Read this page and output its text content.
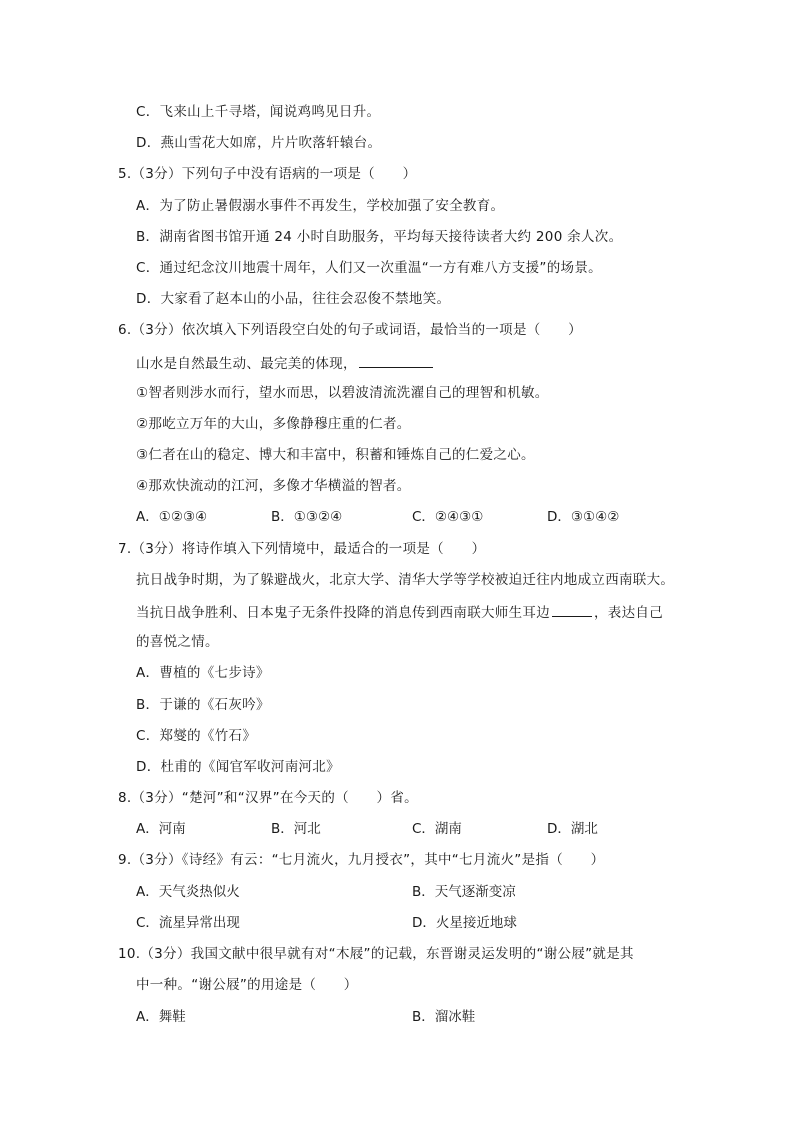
C．飞来山上千寻塔，闻说鸡鸣见日升。
D．燕山雪花大如席，片片吹落轩辕台。
5.（3分）下列句子中没有语病的一项是（　　）
A．为了防止暑假溺水事件不再发生，学校加强了安全教育。
B．湖南省图书馆开通 24 小时自助服务，平均每天接待读者大约 200 余人次。
C．通过纪念汶川地震十周年，人们又一次重温“一方有难八方支援”的场景。
D．大家看了赵本山的小品，往往会忍俊不禁地笑。
6.（3分）依次填入下列语段空白处的句子或词语，最恰当的一项是（　　）
山水是自然最生动、最完美的体现，
①智者则涉水而行，望水而思，以碧波清流洗濯自己的理智和机敏。
②那屹立万年的大山，多像静穆庄重的仁者。
③仁者在山的稳定、博大和丰富中，积蓄和锤炼自己的仁爱之心。
④那欢快流动的江河，多像才华横溢的智者。
A．①②③④	B．①③②④	C．②④③①	D．③①④②
7.（3分）将诗作填入下列情境中，最适合的一项是（　　）
抗日战争时期，为了躲避战火，北京大学、清华大学等学校被迫迁往内地成立西南联大。
当抗日战争胜利、日本鬼子无条件投降的消息传到西南联大师生耳边	，表达自己
的喜悦之情。
A．曹植的《七步诗》
B．于谦的《石灰吟》
C．郑燮的《竹石》
D．杜甫的《闻官军收河南河北》
8.（3分）“楚河”和“汉界”在今天的（　　）省。
A．河南	B．河北	C．湖南	D．湖北
9.（3分）《诗经》有云：“七月流火，九月授衣”，其中“七月流火”是指（　　）
A．天气炎热似火	B．天气逐渐变凉
C．流星异常出现	D．火星接近地球
10.（3分）我国文献中很早就有对“木屐”的记载，东晋谢灵运发明的“谢公屐”就是其
中一种。“谢公屐”的用途是（　　）
A．舞鞋	B．溜冰鞋
